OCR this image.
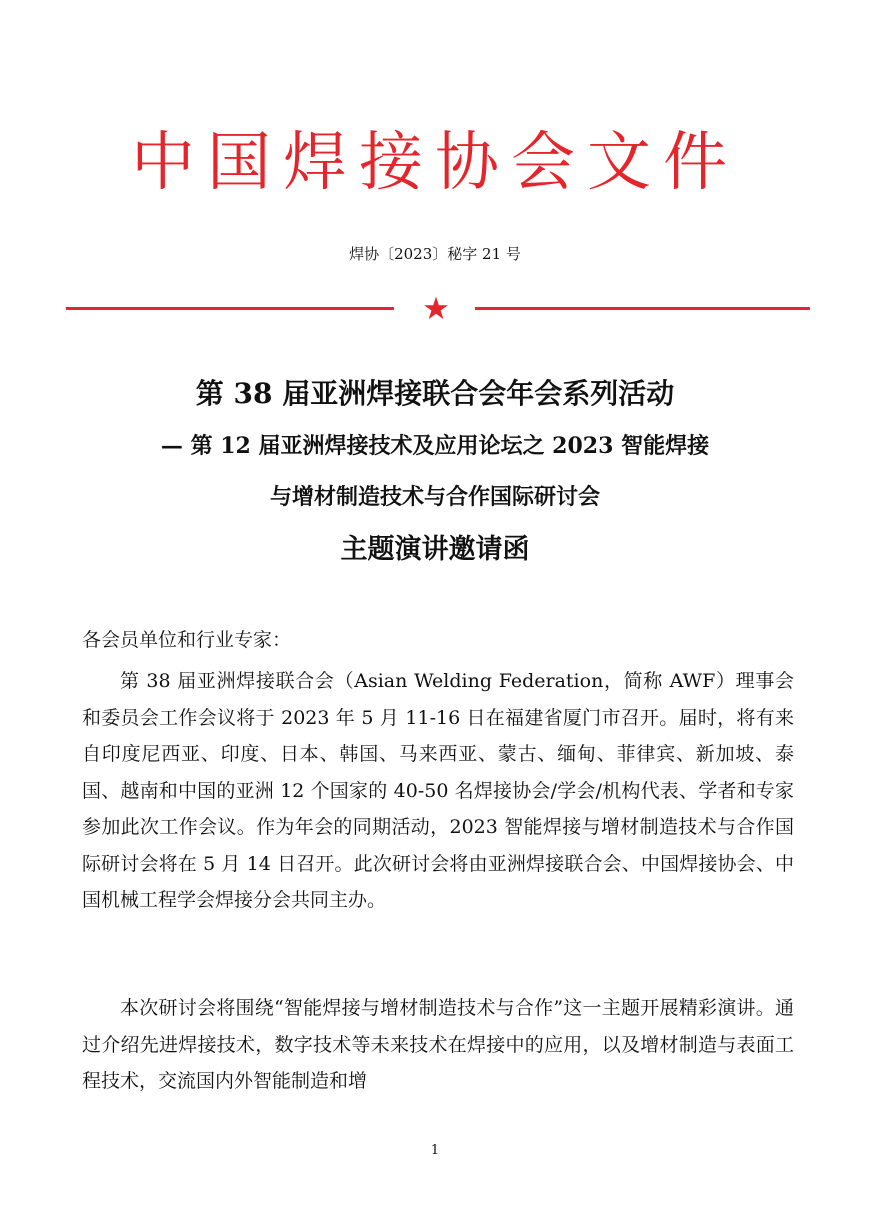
中国焊接协会文件
焊协〔2023〕秘字 21 号
★
第 38 届亚洲焊接联合会年会系列活动
— 第 12 届亚洲焊接技术及应用论坛之 2023 智能焊接
与增材制造技术与合作国际研讨会
主题演讲邀请函
各会员单位和行业专家：

第 38 届亚洲焊接联合会（Asian Welding Federation，简称 AWF）理事会和委员会工作会议将于 2023 年 5 月 11-16 日在福建省厦门市召开。届时，将有来自印度尼西亚、印度、日本、韩国、马来西亚、蒙古、缅甸、菲律宾、新加坡、泰国、越南和中国的亚洲 12 个国家的 40-50 名焊接协会/学会/机构代表、学者和专家参加此次工作会议。作为年会的同期活动，2023 智能焊接与增材制造技术与合作国际研讨会将在 5 月 14 日召开。此次研讨会将由亚洲焊接联合会、中国焊接协会、中国机械工程学会焊接分会共同主办。

本次研讨会将围绕“智能焊接与增材制造技术与合作”这一主题开展精彩演讲。通过介绍先进焊接技术，数字技术等未来技术在焊接中的应用，以及增材制造与表面工程技术，交流国内外智能制造和增

1
